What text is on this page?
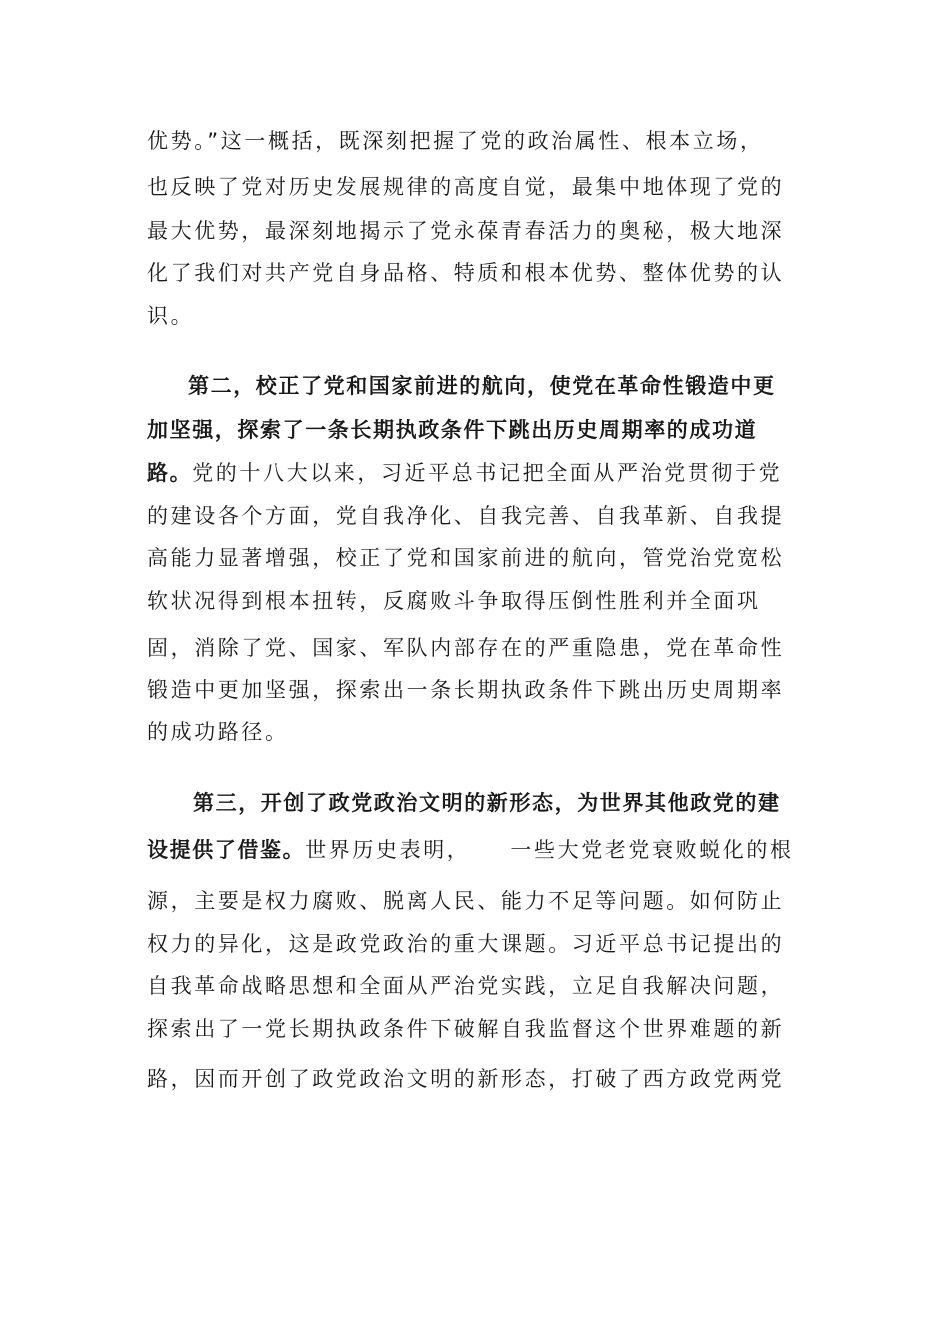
优势。”这一概括，既深刻把握了党的政治属性、根本立场，
也反映了党对历史发展规律的高度自觉，最集中地体现了党的
最大优势，最深刻地揭示了党永葆青春活力的奥秘，极大地深
化了我们对共产党自身品格、特质和根本优势、整体优势的认
识。
第二，校正了党和国家前进的航向，使党在革命性锻造中更
加坚强，探索了一条长期执政条件下跳出历史周期率的成功道
路。党的十八大以来，习近平总书记把全面从严治党贯彻于党
的建设各个方面，党自我净化、自我完善、自我革新、自我提
高能力显著增强，校正了党和国家前进的航向，管党治党宽松
软状况得到根本扭转，反腐败斗争取得压倒性胜利并全面巩
固，消除了党、国家、军队内部存在的严重隐患，党在革命性
锻造中更加坚强，探索出一条长期执政条件下跳出历史周期率
的成功路径。
第三，开创了政党政治文明的新形态，为世界其他政党的建
设提供了借鉴。世界历史表明， 一些大党老党衰败蜕化的根
源，主要是权力腐败、脱离人民、能力不足等问题。如何防止
权力的异化，这是政党政治的重大课题。习近平总书记提出的
自我革命战略思想和全面从严治党实践，立足自我解决问题，
探索出了一党长期执政条件下破解自我监督这个世界难题的新
路，因而开创了政党政治文明的新形态，打破了西方政党两党
